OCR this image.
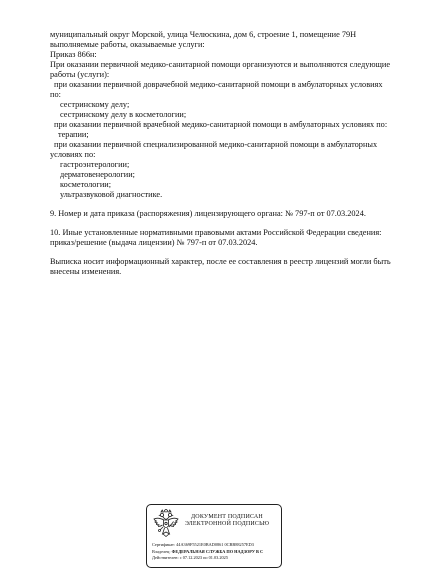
муниципальный округ Морской, улица Челюскина, дом 6, строение 1, помещение 79Н
выполняемые работы, оказываемые услуги:
Приказ 866н:
При оказании первичной медико-санитарной помощи организуются и выполняются следующие
работы (услуги):
при оказании первичной доврачебной медико-санитарной помощи в амбулаторных условиях
по:
сестринскому делу;
сестринскому делу в косметологии;
при оказании первичной врачебной медико-санитарной помощи в амбулаторных условиях по:
терапии;
при оказании первичной специализированной медико-санитарной помощи в амбулаторных
условиях по:
гастроэнтерологии;
дерматовенерологии;
косметологии;
ультразвуковой диагностике.
9. Номер и дата приказа (распоряжения) лицензирующего органа: № 797-п от 07.03.2024.
10. Иные установленные нормативными правовыми актами Российской Федерации сведения:
приказ/решение (выдача лицензии) № 797-п от 07.03.2024.
Выписка носит информационный характер, после ее составления в реестр лицензий могли быть
внесены изменения.
ДОКУМЕНТ ПОДПИСАН
ЭЛЕКТРОННОЙ ПОДПИСЬЮ
Сертификат: 44A369F5521E0BAD0861 0CBB88257ED3
Владелец: ФЕДЕРАЛЬНАЯ СЛУЖБА ПО НАДЗОРУ В С
Действителен: с 07.12.2023 по 01.03.2025
